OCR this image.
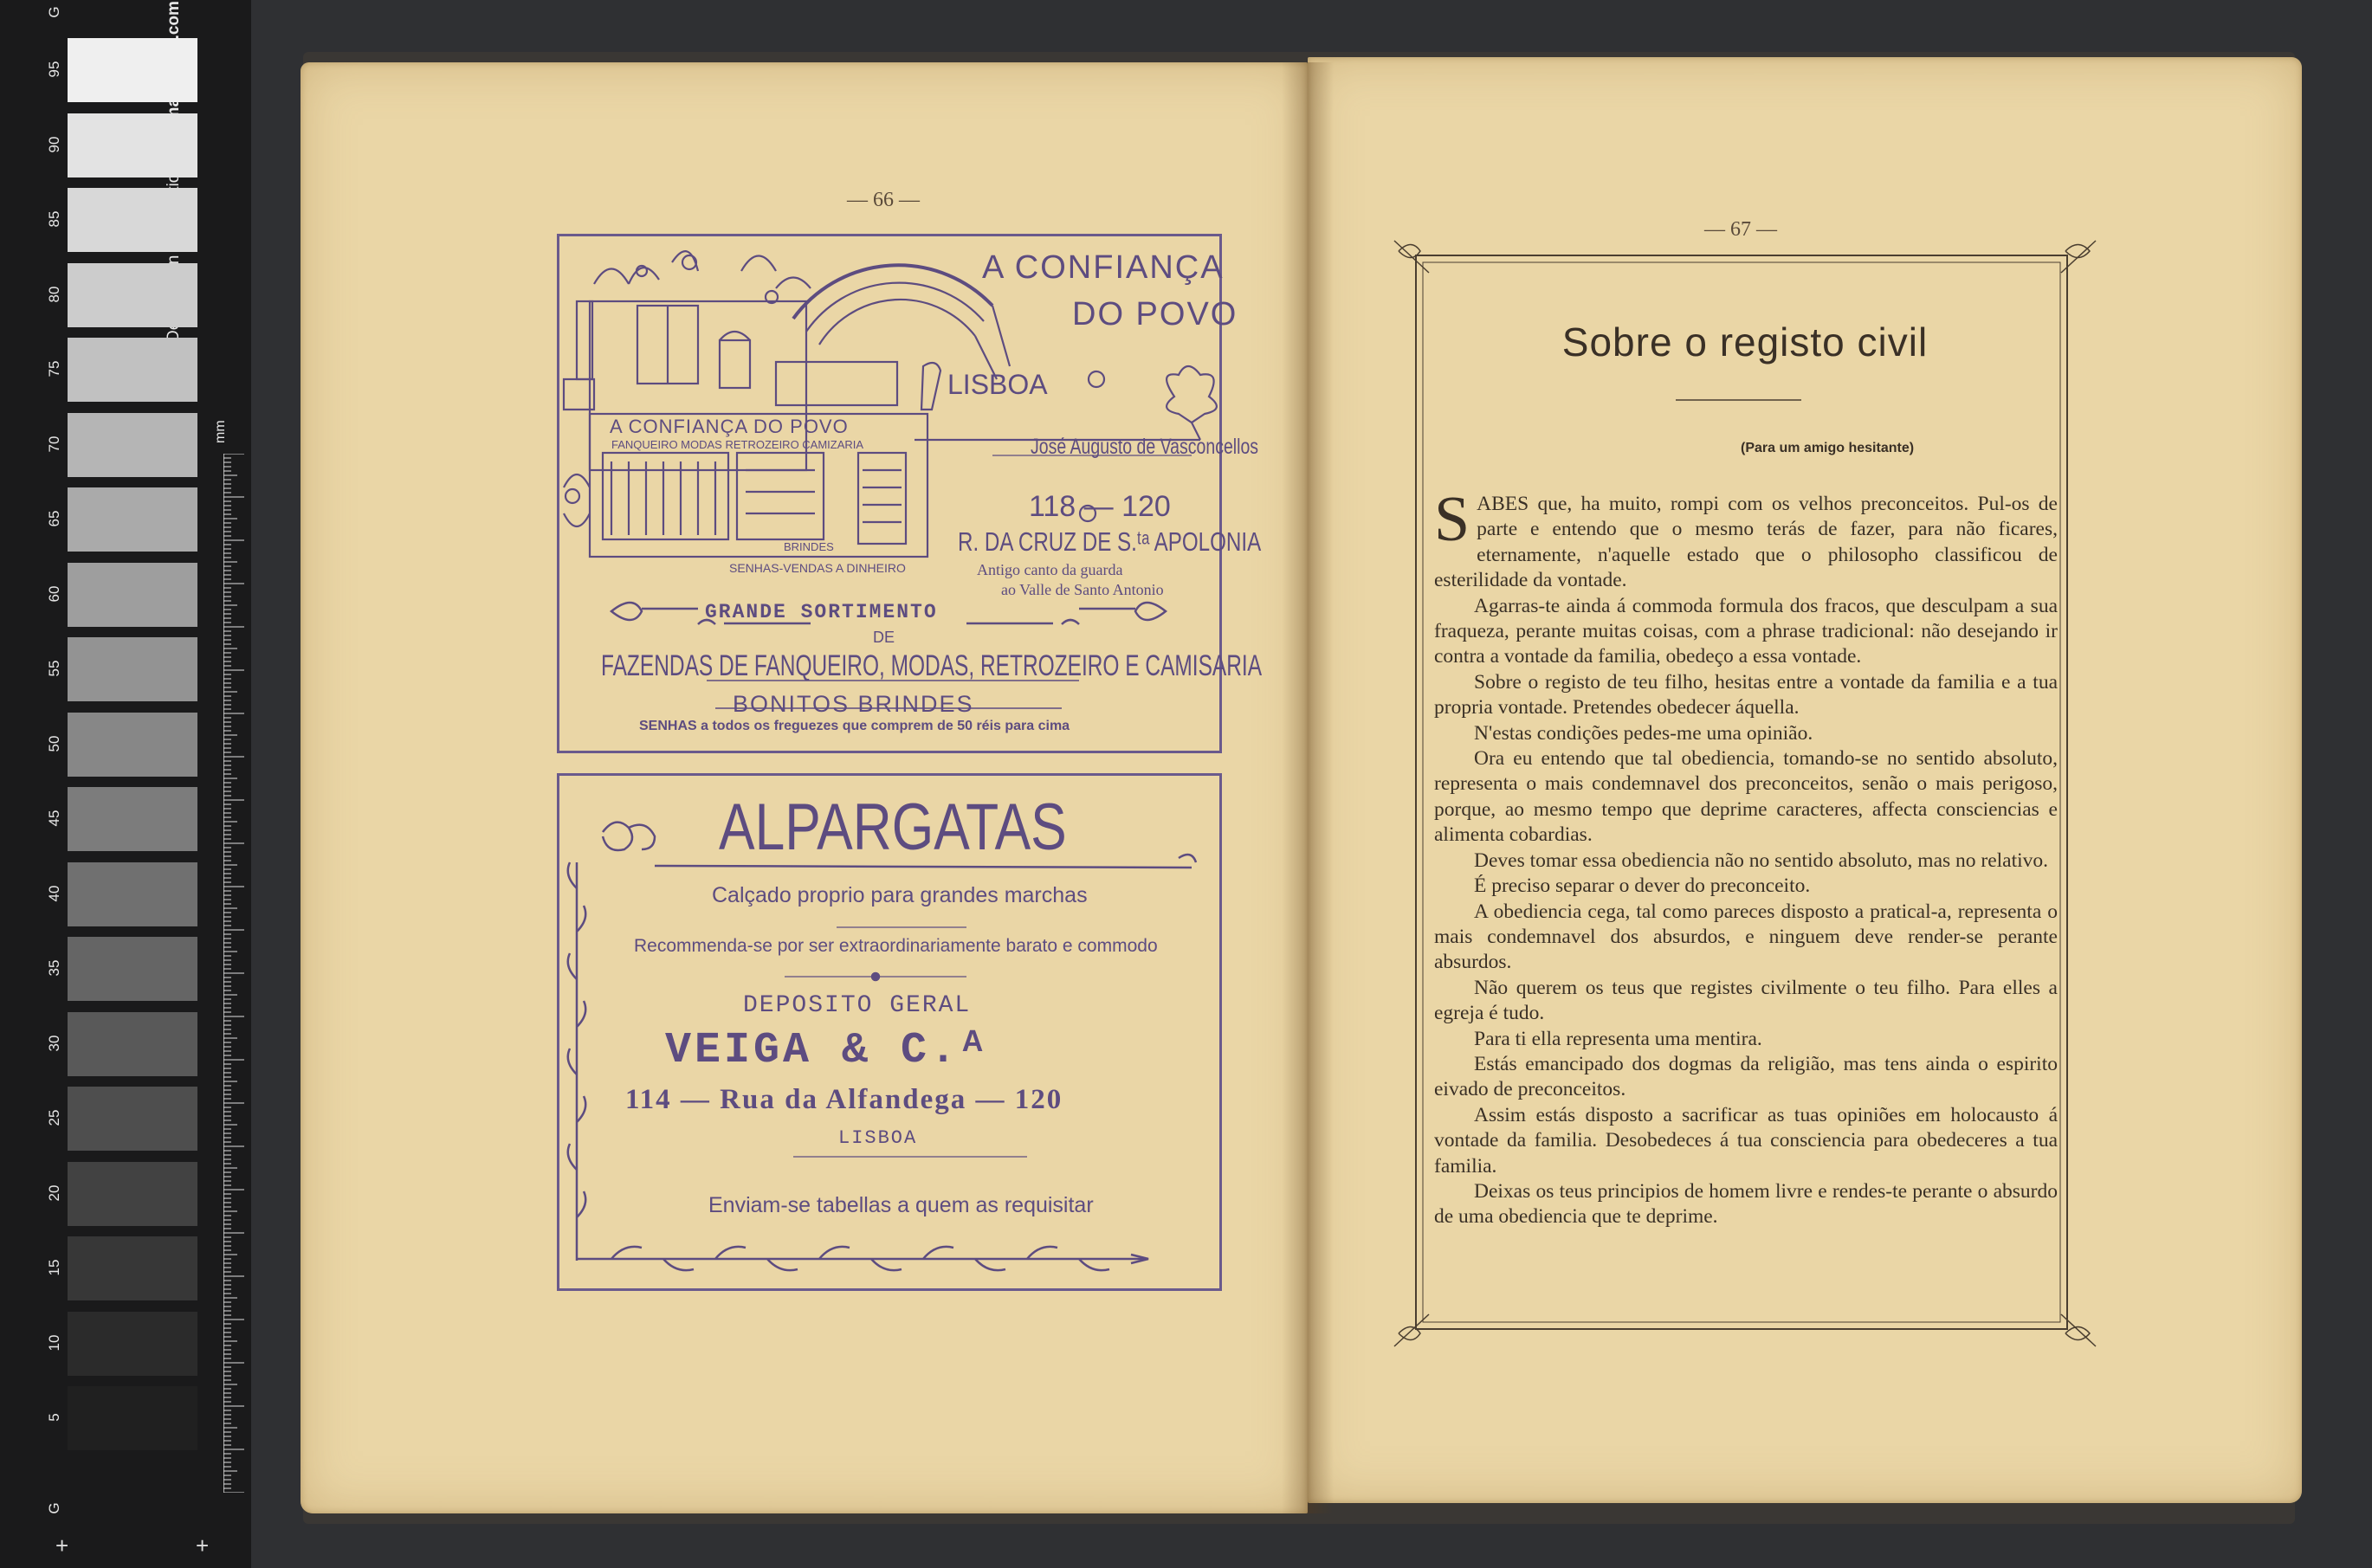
G
G
mm
+	+
95
90
85
80
75
70
65
60
55
50
45
40
35
30
25
20
15
10
5
— 66 —
A CONFIANÇA
DO POVO
LISBOA
A CONFIANÇA DO POVO
FANQUEIRO MODAS RETROZEIRO CAMIZARIA
BRINDES
SENHAS-VENDAS A DINHEIRO
José Augusto de Vasconcellos
118 — 120
R. DA CRUZ DE S.ᵗᵃ APOLONIA
Antigo canto da guarda
ao Valle de Santo Antonio
GRANDE SORTIMENTO
DE
FAZENDAS DE FANQUEIRO, MODAS, RETROZEIRO E CAMISARIA
BONITOS BRINDES
SENHAS a todos os freguezes que comprem de 50 réis para cima
ALPARGATAS
Calçado proprio para grandes marchas
Recommenda-se por ser extraordinariamente barato e commodo
DEPOSITO GERAL
VEIGA & C.ᴬ
114 — Rua da Alfandega — 120
LISBOA
Enviam-se tabellas a quem as requisitar
— 67 —
Sobre o registo civil
(Para um amigo hesitante)

SABES que, ha muito, rompi com os velhos preconceitos. Pul-os de parte e entendo que o mesmo terás de fazer, para não ficares, eternamente, n'aquelle estado que o philosopho classificou de esterilidade da vontade.

Agarras-te ainda á commoda formula dos fracos, que desculpam a sua fraqueza, perante muitas coisas, com a phrase tradicional: não desejando ir contra a vontade da familia, obedeço a essa vontade.

Sobre o registo de teu filho, hesitas entre a vontade da familia e a tua propria vontade. Pretendes obedecer áquella.

N'estas condições pedes-me uma opinião.

Ora eu entendo que tal obediencia, tomando-se no sentido absoluto, representa o mais condemnavel dos preconceitos, senão o mais perigoso, porque, ao mesmo tempo que deprime caracteres, affecta consciencias e alimenta cobardias.

Deves tomar essa obediencia não no sentido absoluto, mas no relativo.

É preciso separar o dever do preconceito.

A obediencia cega, tal como pareces disposto a pratical-a, representa o mais condemnavel dos absurdos, e ninguem deve render-se perante absurdos.

Não querem os teus que registes civilmente o teu filho. Para elles a egreja é tudo.

Para ti ella representa uma mentira.

Estás emancipado dos dogmas da religião, mas tens ainda o espirito eivado de preconceitos.

Assim estás disposto a sacrificar as tuas opiniões em holocausto á vontade da familia. Desobedeces á tua consciencia para obedeceres a tua familia.

Deixas os teus principios de homem livre e rendes-te perante o absurdo de uma obediencia que te deprime.
